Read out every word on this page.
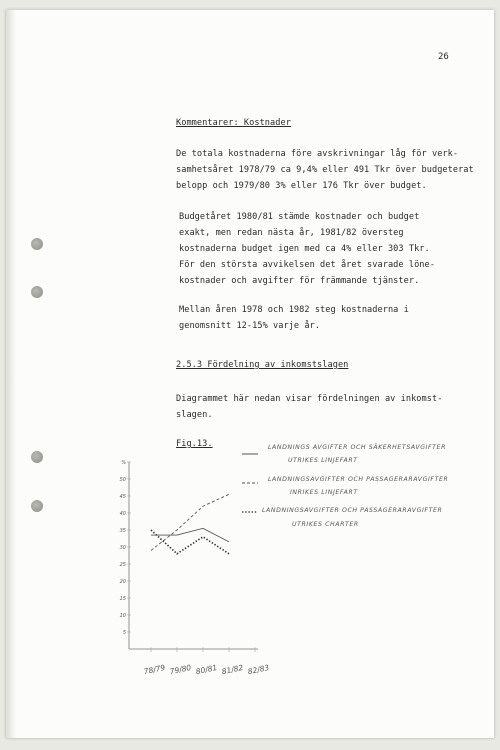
26
Kommentarer: Kostnader
De totala kostnaderna före avskrivningar låg för verk-
samhetsåret 1978/79 ca 9,4% eller 491 Tkr över budgeterat
belopp och 1979/80 3% eller 176 Tkr över budget.
Budgetåret 1980/81 stämde kostnader och budget
exakt, men redan nästa år, 1981/82 översteg
kostnaderna budget igen med ca 4% eller 303 Tkr.
För den största avvikelsen det året svarade löne-
kostnader och avgifter för främmande tjänster.
Mellan åren 1978 och 1982 steg kostnaderna i
genomsnitt 12-15% varje år.
2.5.3 Fördelning av inkomstslagen
Diagrammet här nedan visar fördelningen av inkomst-
slagen.
Fig.13.	LANDNINGS AVGIFTER OCH SÄKERHETSAVGIFTER
UTRIKES LINJEFART
LANDNINGSAVGIFTER OCH PASSAGERARAVGIFTER
INRIKES LINJEFART
LANDNINGSAVGIFTER OCH PASSAGERARAVGIFTER
UTRIKES CHARTER
%
50
45
40
35
30
25
20
15
10
5
78/79 79/80 80/81 81/82 82/83
